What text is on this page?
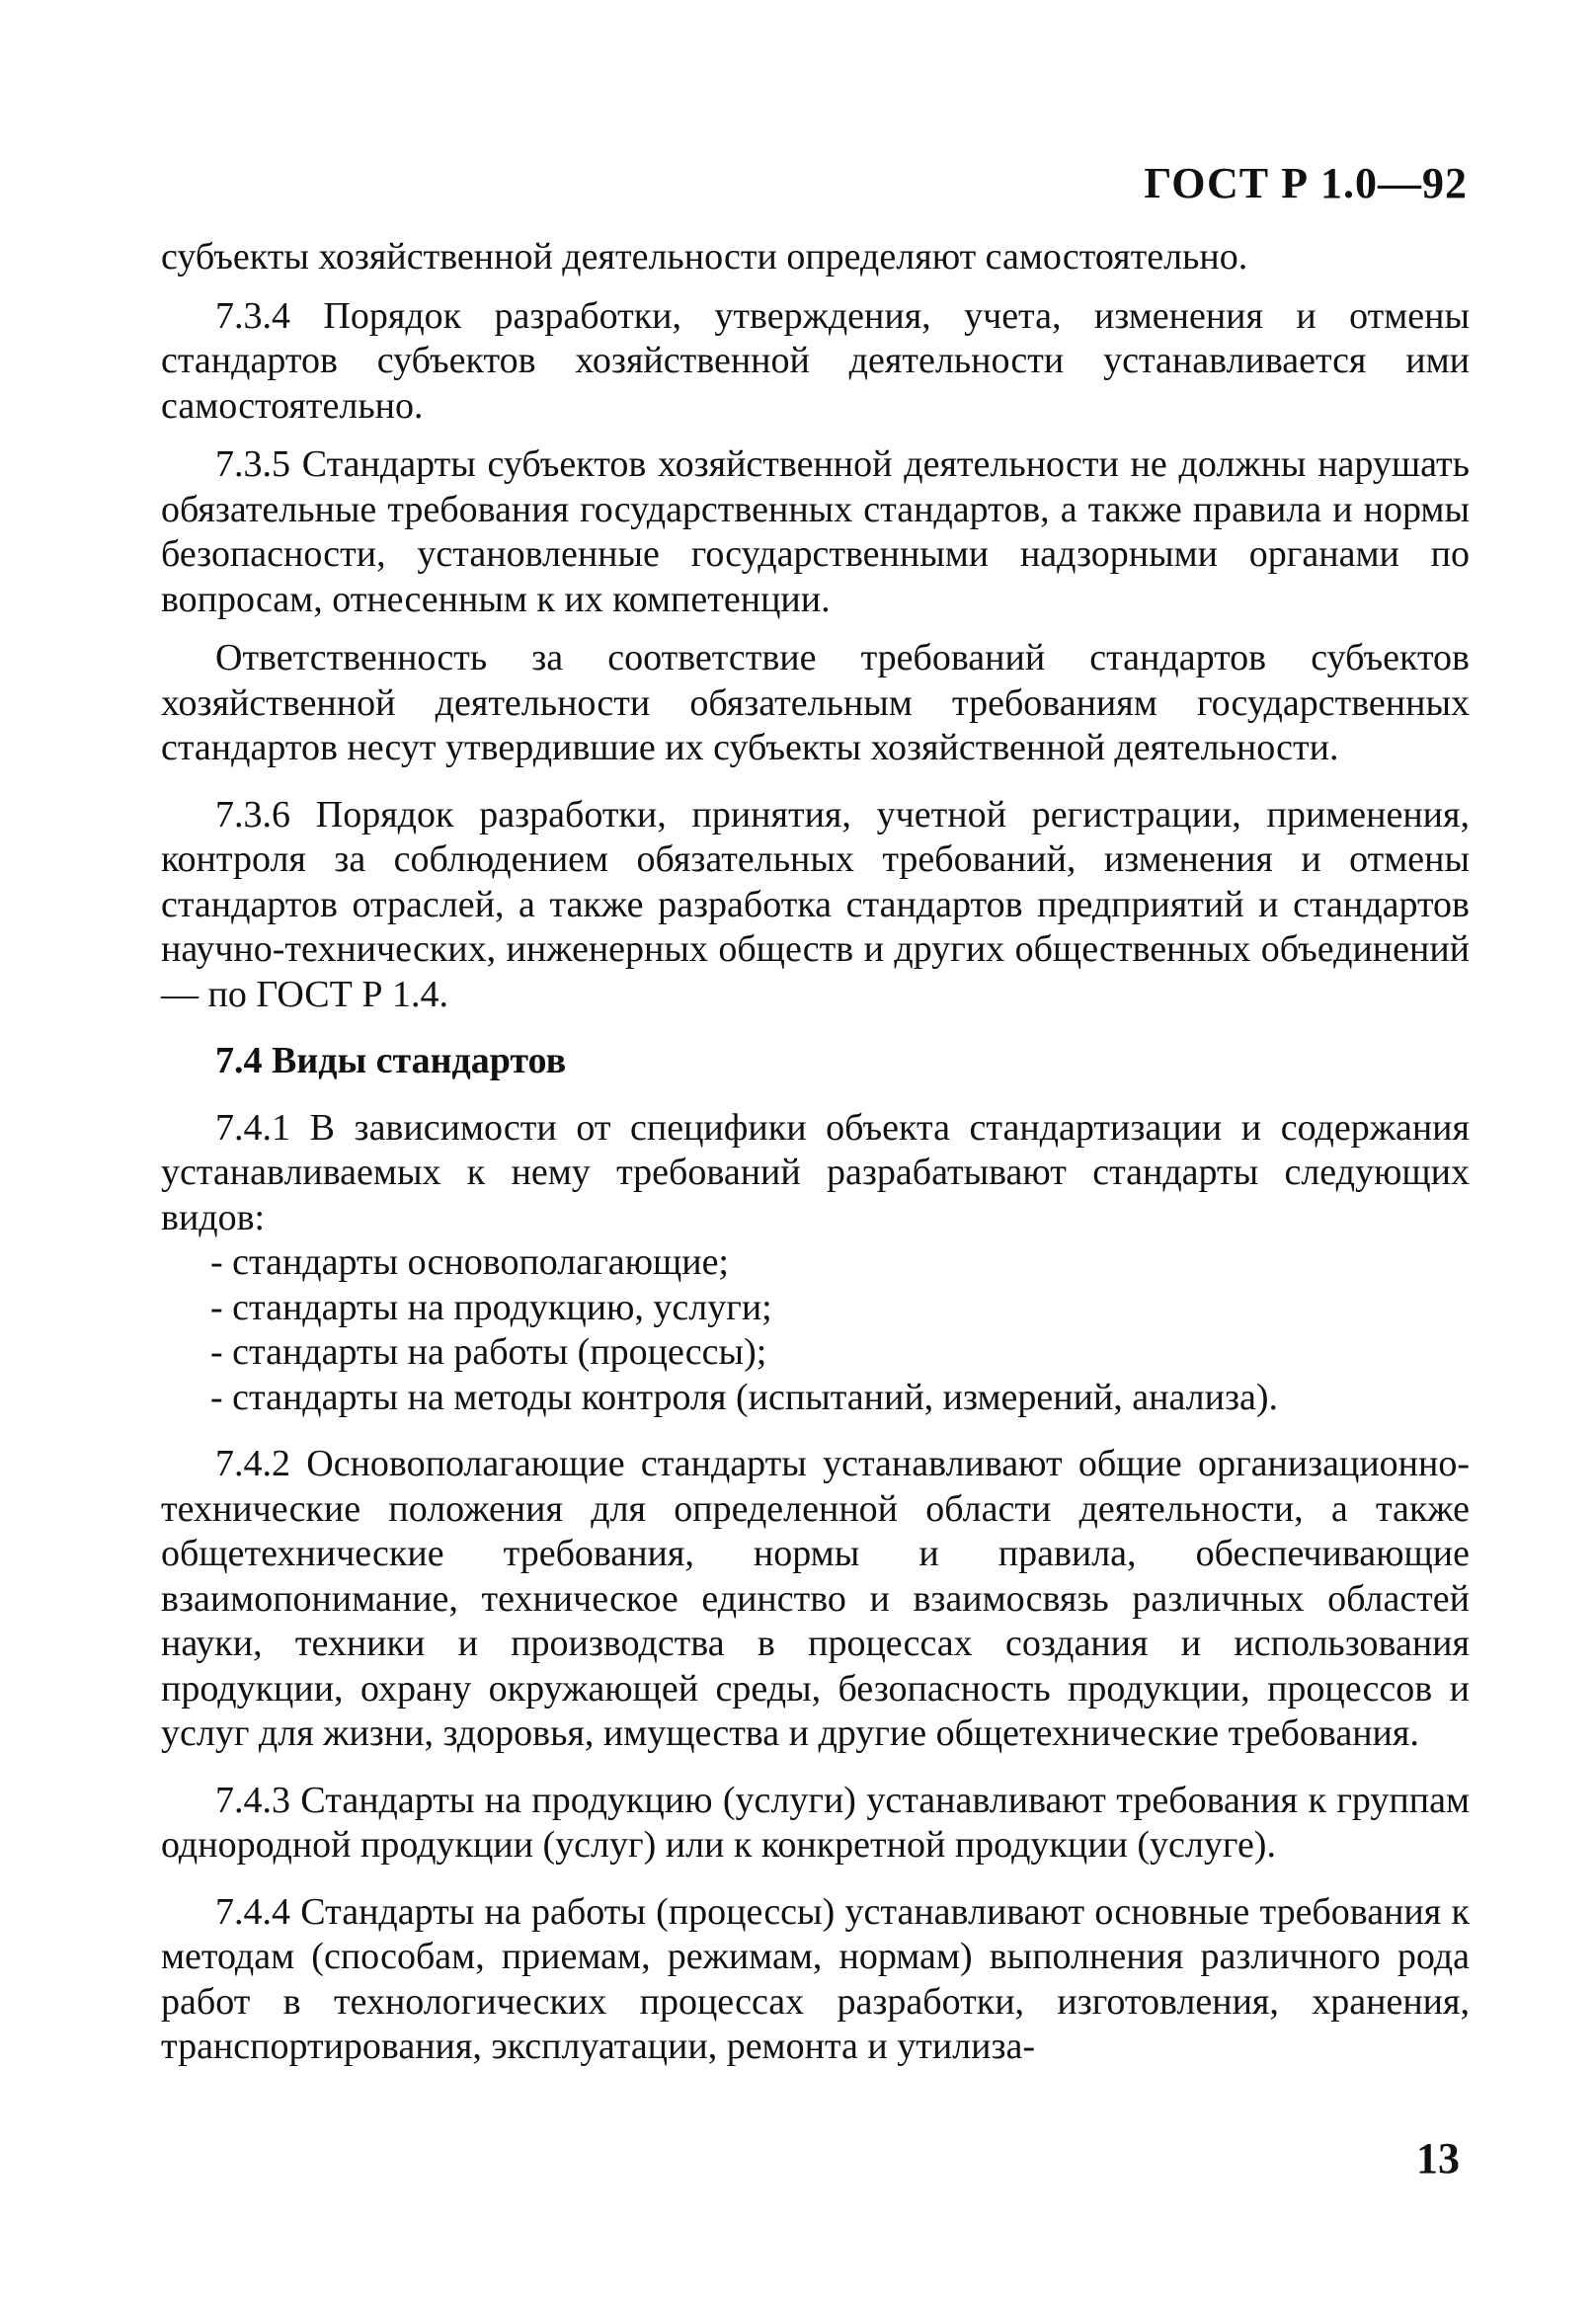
ГОСТ Р 1.0—92

субъекты хозяйственной деятельности определяют самостоятельно.

7.3.4 Порядок разработки, утверждения, учета, изменения и отмены стандартов субъектов хозяйственной деятельности устанавливается ими самостоятельно.

7.3.5 Стандарты субъектов хозяйственной деятельности не должны нарушать обязательные требования государственных стандартов, а также правила и нормы безопасности, установленные государственными надзорными органами по вопросам, отнесенным к их компетенции.

Ответственность за соответствие требований стандартов субъектов хозяйственной деятельности обязательным требованиям государственных стандартов несут утвердившие их субъекты хозяйственной деятельности.

7.3.6 Порядок разработки, принятия, учетной регистрации, применения, контроля за соблюдением обязательных требований, изменения и отмены стандартов отраслей, а также разработка стандартов предприятий и стандартов научно-технических, инженерных обществ и других общественных объединений — по ГОСТ Р 1.4.

7.4 Виды стандартов

7.4.1 В зависимости от специфики объекта стандартизации и содержания устанавливаемых к нему требований разрабатывают стандарты следующих видов:

- стандарты основополагающие;
- стандарты на продукцию, услуги;
- стандарты на работы (процессы);
- стандарты на методы контроля (испытаний, измерений, анализа).

7.4.2 Основополагающие стандарты устанавливают общие организационно-технические положения для определенной области деятельности, а также общетехнические требования, нормы и правила, обеспечивающие взаимопонимание, техническое единство и взаимосвязь различных областей науки, техники и производства в процессах создания и использования продукции, охрану окружающей среды, безопасность продукции, процессов и услуг для жизни, здоровья, имущества и другие общетехнические требования.

7.4.3 Стандарты на продукцию (услуги) устанавливают требования к группам однородной продукции (услуг) или к конкретной продукции (услуге).

7.4.4 Стандарты на работы (процессы) устанавливают основные требования к методам (способам, приемам, режимам, нормам) выполнения различного рода работ в технологических процессах разработки, изготовления, хранения, транспортирования, эксплуатации, ремонта и утилиза-

13
